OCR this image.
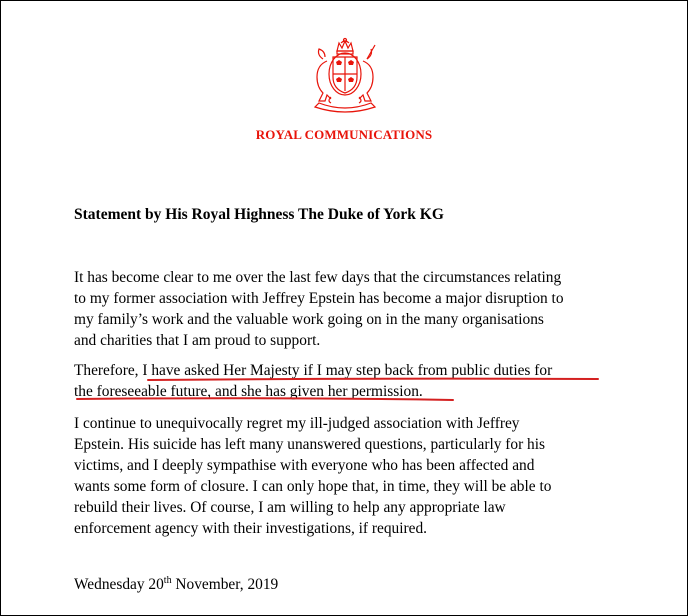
ROYAL COMMUNICATIONS
Statement by His Royal Highness The Duke of York KG
It has become clear to me over the last few days that the circumstances relating
to my former association with Jeffrey Epstein has become a major disruption to
my family’s work and the valuable work going on in the many organisations
and charities that I am proud to support.
Therefore, I have asked Her Majesty if I may step back from public duties for
the foreseeable future, and she has given her permission.
I continue to unequivocally regret my ill-judged association with Jeffrey
Epstein. His suicide has left many unanswered questions, particularly for his
victims, and I deeply sympathise with everyone who has been affected and
wants some form of closure. I can only hope that, in time, they will be able to
rebuild their lives. Of course, I am willing to help any appropriate law
enforcement agency with their investigations, if required.
Wednesday 20th November, 2019
